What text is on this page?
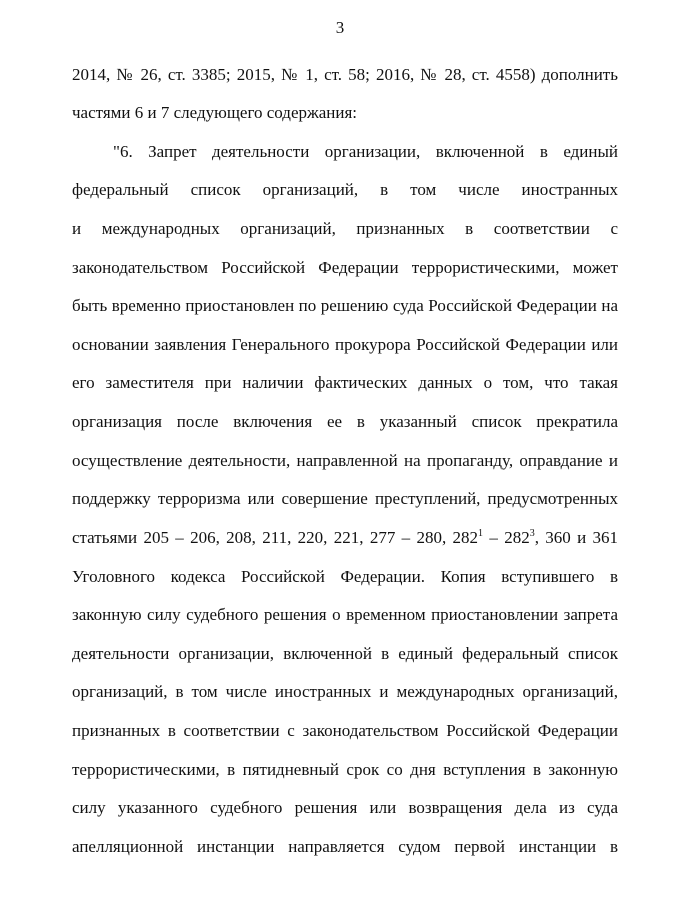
3
2014, № 26, ст. 3385; 2015, № 1, ст. 58; 2016, № 28, ст. 4558) дополнить
частями 6 и 7 следующего содержания:
"6. Запрет деятельности организации, включенной в единый
федеральный список организаций, в том числе иностранных
и международных организаций, признанных в соответствии с
законодательством Российской Федерации террористическими, может
быть временно приостановлен по решению суда Российской Федерации на
основании заявления Генерального прокурора Российской Федерации или
его заместителя при наличии фактических данных о том, что такая
организация после включения ее в указанный список прекратила
осуществление деятельности, направленной на пропаганду, оправдание и
поддержку терроризма или совершение преступлений, предусмотренных
статьями 205 – 206, 208, 211, 220, 221, 277 – 280, $282^1 - 282^3$, 360 и 361
Уголовного кодекса Российской Федерации. Копия вступившего в
законную силу судебного решения о временном приостановлении запрета
деятельности организации, включенной в единый федеральный список
организаций, в том числе иностранных и международных организаций,
признанных в соответствии с законодательством Российской Федерации
террористическими, в пятидневный срок со дня вступления в законную
силу указанного судебного решения или возвращения дела из суда
апелляционной инстанции направляется судом первой инстанции в
